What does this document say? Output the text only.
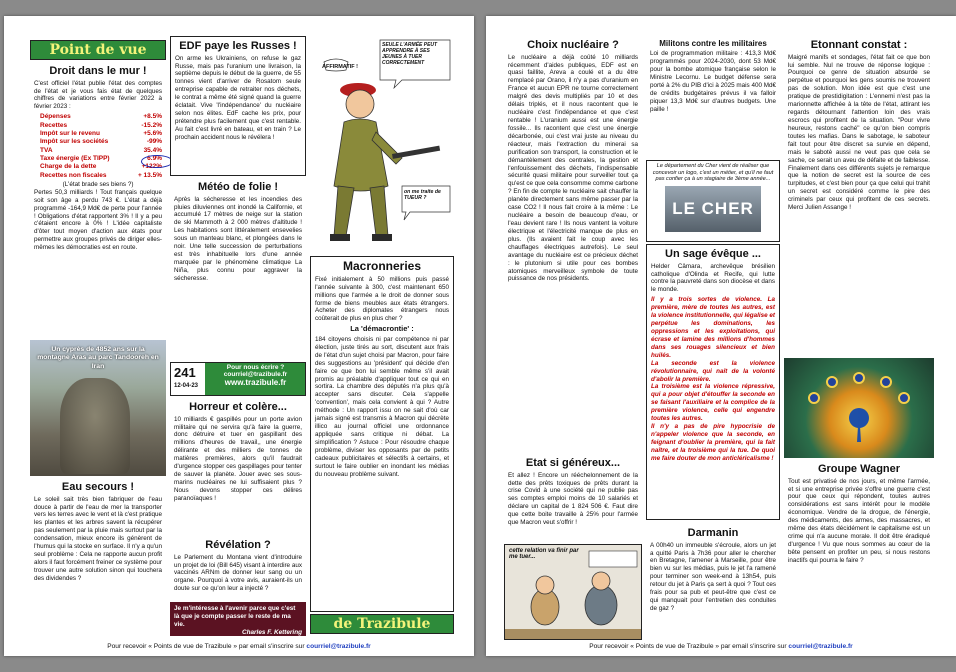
Point de vue
Droit dans le mur !
C'est officiel l'état publie l'état des comptes de l'état et je vous fais état de quelques chiffres de variations entre février 2022 à février 2023 :
Dépenses	+8.5%
Recettes	-15.2%
Impôt sur le revenu	+5.6%
Impôt sur les sociétés	-99%
TVA	35.4%
Taxe énergie (Ex TIPP)	6.9%
Charge de la dette	+122%
Recettes non fiscales	+ 13.5%
(L'état brade ses biens ?)
Pertes 50,3 milliards ! Tout français quelque soit son âge a perdu 743 €. L'état a déjà programmé -164,9 Md€ de perte pour l'année ! Obligations d'état rapportent 3% ! Il y a peu c'étaient encore à 0% ! L'idée capitaliste d'ôter tout moyen d'action aux états pour permettre aux groupes privés de diriger elles-mêmes les démocraties est en route.
Un cyprès de 4852 ans sur la montagne Aras au parc Tandooreh en Iran
Eau secours !
Le soleil sait très bien fabriquer de l'eau douce à partir de l'eau de mer la transporter vers les terres avec le vent et là c'est pratique les plantes et les arbres savent la récupérer pas seulement par la pluie mais surtout par la condensation, mieux encore ils génèrent de l'humus qui la stocke en surface. Il n'y a qu'un seul problème : Cela ne rapporte aucun profit alors il faut forcément freiner ce système pour trouver une autre solution sinon qui touchera des dividendes ?
EDF paye les Russes !
On arme les Ukrainiens, on refuse le gaz Russe, mais pas l'uranium une livraison, la septième depuis le début de la guerre, de 55 tonnes vient d'arriver de Rosatom seule entreprise capable de retraiter nos déchets, le contrat a même été signé quand la guerre éclatait. Vive 'l'indépendance' du nucléaire selon nos élites. EdF cache les prix, pour prétendre plus facilement que c'est rentable. Au fait c'est livré en bateau, et en train ? Le prochain accident nous le révélera !
Météo de folie !
Après la sécheresse et les incendies des pluies diluviennes ont inondé la Californie, et accumulé 17 mètres de neige sur la station de ski Mammoth à 2 000 mètres d'altitude ! Les habitations sont littéralement ensevelies sous un manteau blanc, et plongées dans le noir. Une telle succession de perturbations est très inhabituelle lors d'une année marquée par le phénomène climatique La Niña, plus connu pour aggraver la sécheresse.
241
12-04-23
Pour nous écrire ?
courriel@trazibule.fr
www.trazibule.fr
Horreur et colère...
10 milliards € gaspillés pour un porte avion militaire qui ne servira qu'à faire la guerre, donc détruire et tuer en gaspillant des millions d'heures de travail,, une énergie délirante et des milliers de tonnes de matières premières, alors qu'il faudrait d'urgence stopper ces gaspillages pour tenter de sauver la planète. Jouer avec ses sous-marins nucléaires ne lui suffisaient plus ? Nous devons stopper ces délires paranoïaques !
Révélation ?
Le Parlement du Montana vient d'introduire un projet de loi (Bill 645) visant à interdire aux vaccinés ARNm de donner leur sang ou un organe. Pourquoi à votre avis, auraient-ils un doute sur ce qu'on leur a injecté ?
Je m'intéresse à l'avenir parce que c'est là que je compte passer le reste de ma vie.
Charles F. Kettering
AFFIRMATIF !
SEULE L'ARMÉE PEUT APPRENDRE À SES JEUNES À TUER CORRECTEMENT
on me traite de TUEUR ?
Macronneries
Fixé initialement à 50 millions puis passé l'année suivante à 300, c'est maintenant 650 millions que l'armée a le droit de donner sous forme de biens meubles aux états étrangers. Acheter des diplomates étrangers nous coûterait de plus en plus cher ?
La 'démacrontie' :
184 citoyens choisis ni par compétence ni par élection, juste tirés au sort, discutent aux frais de l'état d'un sujet choisi par Macron, pour faire des suggestions au 'président' qui décide d'en faire ce que bon lui semble même s'il avait promis au préalable d'appliquer tout ce qui en sortira. La chambre des députés n'a plus qu'à accepter sans discuter. Cela s'appelle 'convention', mais cela convient à qui ? Autre méthode : Un rapport issu on ne sait d'où car jamais signé est transmis à Macron qui décrète illico au journal officiel une ordonnance appliquée sans critique ni débat. La simplification ? Astuce : Pour résoudre chaque problème, diviser les opposants par de petits cadeaux publicitaires et sélectifs à certains, et surtout le faire oublier en inondant les médias du nouveau problème suivant.
de Trazibule
Pour recevoir « Points de vue de Trazibule » par email s'inscrire sur courriel@trazibule.fr
Choix nucléaire ?
Le nucléaire a déjà coûté 10 milliards récemment d'aides publiques, EDF est en quasi faillite, Areva a coulé et a du être remplacé par Orano, il n'y a pas d'uranium en France et aucun EPR ne tourne correctement malgré des devis multipliés par 10 et des délais triplés, et il nous racontent que le nucléaire c'est l'indépendance et que c'est rentable ! L'uranium aussi est une énergie fossile... Ils racontent que c'est une énergie décarbonée, oui c'est vrai juste au niveau du réacteur, mais l'extraction du minerai sa purification son transport, la construction et le démantèlement des centrales, la gestion et l'enfouissement des déchets, l'indispensable sécurité quasi militaire pour surveiller tout ça qu'est ce que cela consomme comme carbone ? En fin de compte le nucléaire sait chauffer la planète directement sans même passer par la case CO2 ! Il nous fait croire à la même : Le nucléaire a besoin de beaucoup d'eau, or l'eau devient rare ! Ils nous vantent la voiture électrique et l'électricité manque de plus en plus. (Ils avaient fait le coup avec les chauffages électriques autrefois). Le seul avantage du nucléaire est ce précieux déchet : le plutonium si utile pour ces bombes atomiques merveilleux symbole de toute puissance de nos présidents.
Etat si généreux...
Et allez ! Encore un rééchelonnement de la dette des prêts toxiques de prêts durant la crise Covid à une société qui ne publie pas ses comptes emploi moins de 10 salariés et déclare un capital de 1 824 506 €. Faut dire que cette boite travaille à 25% pour l'armée que Macron veut s'offrir !
cette relation va finir par me tuer...
Militons contre les militaires
Loi de programmation militaire : 413,3 Md€ programmés pour 2024-2030, dont 53 Md€ pour la bombe atomique française selon le Ministre Lecornu. Le budget défense sera porté à 2% du PIB d'ici à 2025 mais 400 Md€ de crédits budgétaires prévus il va falloir piquer 13,3 Md€ sur d'autres budgets. Une paille !
Le département du Cher vient de réaliser que concevoir un logo, c'est un métier, et qu'il ne faut pas confier ça à un stagiaire de 3ème année...
LE CHER
Un sage évêque ...
Helder Câmara, archevêque brésilien catholique d'Olinda et Recife, qui lutte contre la pauvreté dans son diocèse et dans le monde.
Il y a trois sortes de violence. La première, mère de toutes les autres, est la violence institutionnelle, qui légalise et perpétue les dominations, les oppressions et les exploitations, qui écrase et lamine des millions d'hommes dans ses rouages silencieux et bien huilés.
La seconde est la violence révolutionnaire, qui naît de la volonté d'abolir la première.
La troisième est la violence répressive, qui a pour objet d'étouffer la seconde en se faisant l'auxiliaire et la complice de la première violence, celle qui engendre toutes les autres.
Il n'y a pas de pire hypocrisie de n'appeler violence que la seconde, en feignant d'oublier la première, qui la fait naître, et la troisième qui la tue. De quoi me faire douter de mon anticléricalisme !
Darmanin
A 00h40 un immeuble s'écroule, alors un jet a quitté Paris à 7h36 pour aller le chercher en Bretagne, l'amener à Marseille, pour être bien vu sur les médias, puis le jet l'a ramené pour terminer son week-end à 13h54, puis retour du jet à Paris ça sert à quoi ? Tout ces frais pour sa pub et peut-être que c'est ce qui manquait pour l'entretien des conduites de gaz ?
Etonnant constat :
Maigré manifs et sondages, l'état fait ce que bon lui semble. Nul ne trouve de réponse logique : Pourquoi ce genre de situation absurde se perpétue et pourquoi les gens soumis ne trouvent pas de solution. Mon idée est que c'est une pratique de prestidigitation : L'ennemi n'est pas la marionnette affichée à la tête de l'état, attirant les regards détournant l'attention loin des vrais escrocs qui profitent de la situation. "Pour vivre heureux, restons caché" ce qu'on bien compris toutes les mafias. Dans le sabotage, le saboteur fait tout pour être discret sa survie en dépend, mais le sabotè aussi ne veut pas que cela se sache, ce serait un aveu de défaite et de faiblesse. Finalement dans ces différents sujets je remarque que la notion de secret est la source de ces turpitudes, et c'est bien pour ça que celui qui trahit un secret est considéré comme le pire des criminels par ceux qui profitent de ces secrets. Merci Julien Assange !
Groupe Wagner
Tout est privatisé de nos jours, et même l'armée, et si une entreprise privée s'offre une guerre c'est pour que ceux qui répondent, toutes autres considérations est sans intérêt pour le modèle économique. Vendre de la drogue, de l'énergie, des médicaments, des armes, des massacres, et même des états décidément le capitalisme est un crime qui n'a aucune morale. Il doit être éradiqué d'urgence ! Vu que nous sommes au cœur de la bête pensent en profiter un peu, si nous restons inactifs qui pourra le faire ?
Pour recevoir « Points de vue de Trazibule » par email s'inscrire sur courriel@trazibule.fr
